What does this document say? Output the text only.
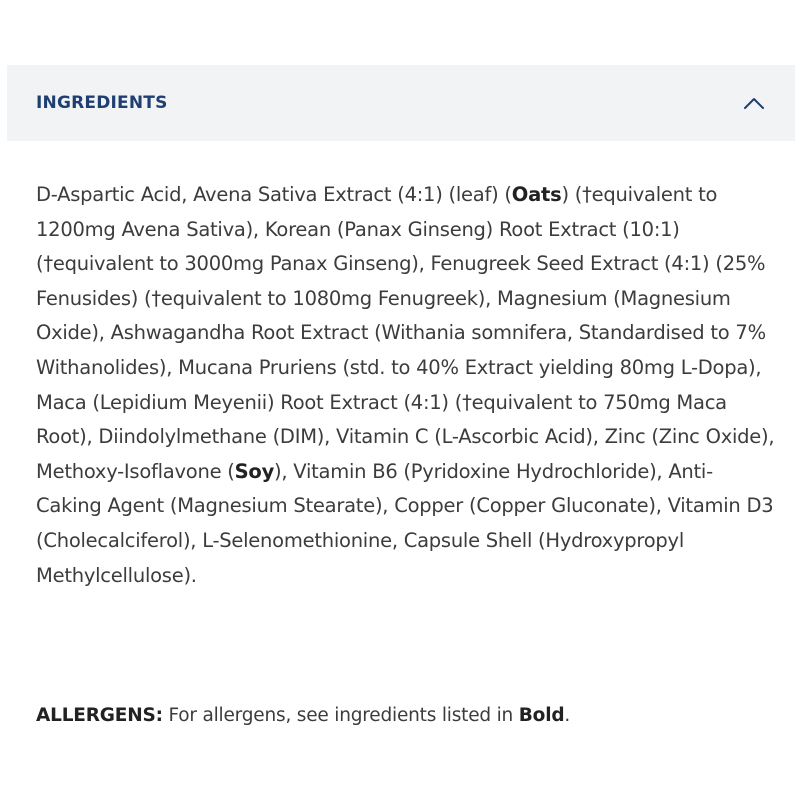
INGREDIENTS

D-Aspartic Acid, Avena Sativa Extract (4:1) (leaf) (Oats) (†equivalent to 1200mg Avena Sativa), Korean (Panax Ginseng) Root Extract (10:1) (†equivalent to 3000mg Panax Ginseng), Fenugreek Seed Extract (4:1) (25% Fenusides) (†equivalent to 1080mg Fenugreek), Magnesium (Magnesium Oxide), Ashwagandha Root Extract (Withania somnifera, Standardised to 7% Withanolides), Mucana Pruriens (std. to 40% Extract yielding 80mg L-Dopa), Maca (Lepidium Meyenii) Root Extract (4:1) (†equivalent to 750mg Maca Root), Diindolylmethane (DIM), Vitamin C (L-Ascorbic Acid), Zinc (Zinc Oxide), Methoxy-Isoflavone (Soy), Vitamin B6 (Pyridoxine Hydrochloride), Anti-Caking Agent (Magnesium Stearate), Copper (Copper Gluconate), Vitamin D3 (Cholecalciferol), L-Selenomethionine, Capsule Shell (Hydroxypropyl Methylcellulose).

ALLERGENS: For allergens, see ingredients listed in Bold.
